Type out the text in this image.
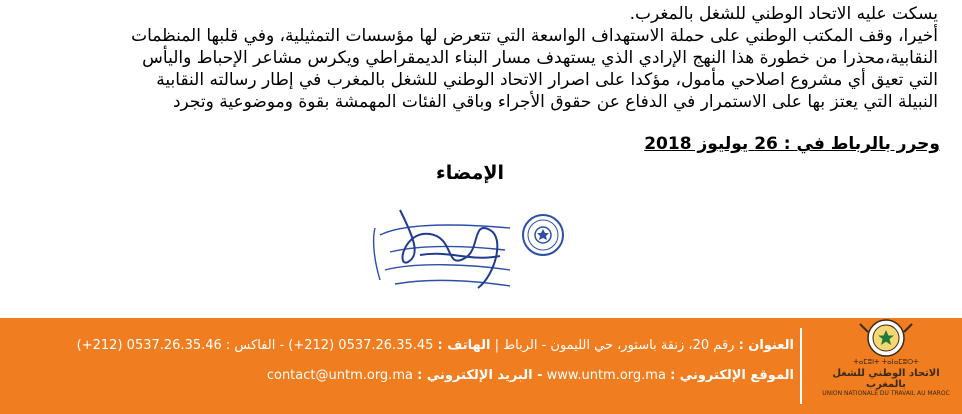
يسكت عليه الاتحاد الوطني للشغل بالمغرب.
أخيرا، وقف المكتب الوطني على حملة الاستهداف الواسعة التي تتعرض لها مؤسسات التمثيلية، وفي قلبها المنظمات
النقابية،محذرا من خطورة هذا النهج الإرادي الذي يستهدف مسار البناء الديمقراطي ويكرس مشاعر الإحباط واليأس
التي تعيق أي مشروع اصلاحي مأمول، مؤكدا على اصرار الاتحاد الوطني للشغل بالمغرب في إطار رسالته النقابية
النبيلة التي يعتز بها على الاستمرار في الدفاع عن حقوق الأجراء وباقي الفئات المهمشة بقوة وموضوعية وتجرد
وحرر بالرباط في : 26 يوليوز 2018
الإمضاء
العنوان : رقم 20، زنقة باستور، حي الليمون - الرباط | الهاتف : 0537.26.35.45 (212+) - الفاكس : 0537.26.35.46 (212+)
الموقع الإلكتروني : www.untm.org.ma - البريد الإلكتروني : contact@untm.org.ma
ⵜⴰⵎⵓⵏⵜ ⵜⴰⵏⴰⵎⵓⵔⵜ
الاتحاد الوطني للشغل بالمغرب
UNION NATIONALE DU TRAVAIL AU MAROC
